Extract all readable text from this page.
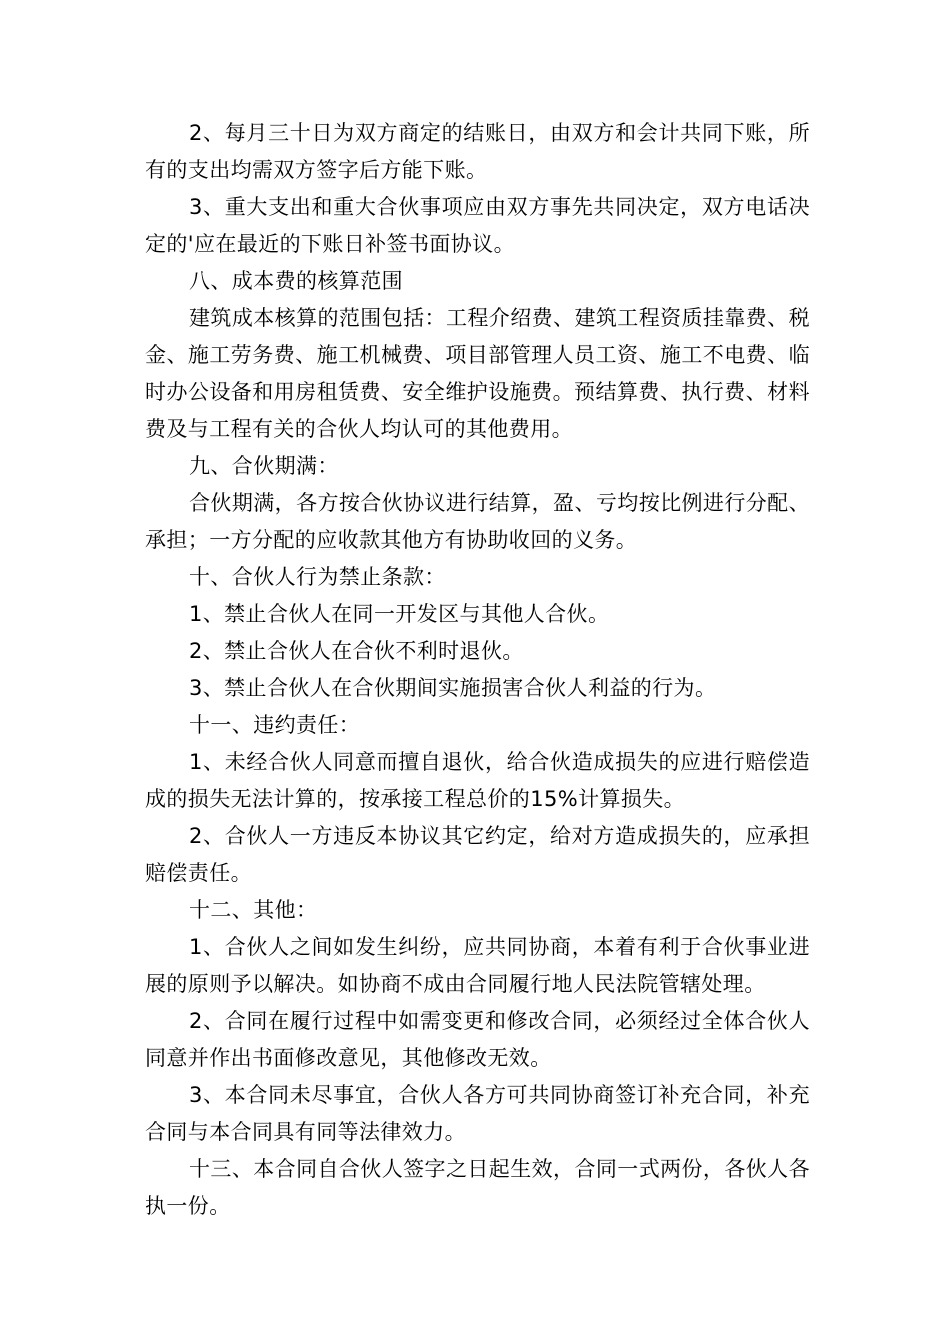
2、每月三十日为双方商定的结账日，由双方和会计共同下账，所有的支出均需双方签字后方能下账。

3、重大支出和重大合伙事项应由双方事先共同决定，双方电话决定的'应在最近的下账日补签书面协议。

八、成本费的核算范围

建筑成本核算的范围包括：工程介绍费、建筑工程资质挂靠费、税金、施工劳务费、施工机械费、项目部管理人员工资、施工不电费、临时办公设备和用房租赁费、安全维护设施费。预结算费、执行费、材料费及与工程有关的合伙人均认可的其他费用。

九、合伙期满：

合伙期满，各方按合伙协议进行结算，盈、亏均按比例进行分配、承担；一方分配的应收款其他方有协助收回的义务。

十、合伙人行为禁止条款：

1、禁止合伙人在同一开发区与其他人合伙。

2、禁止合伙人在合伙不利时退伙。

3、禁止合伙人在合伙期间实施损害合伙人利益的行为。

十一、违约责任：

1、未经合伙人同意而擅自退伙，给合伙造成损失的应进行赔偿造成的损失无法计算的，按承接工程总价的15%计算损失。

2、合伙人一方违反本协议其它约定，给对方造成损失的，应承担赔偿责任。

十二、其他：

1、合伙人之间如发生纠纷，应共同协商，本着有利于合伙事业进展的原则予以解决。如协商不成由合同履行地人民法院管辖处理。

2、合同在履行过程中如需变更和修改合同，必须经过全体合伙人同意并作出书面修改意见，其他修改无效。

3、本合同未尽事宜，合伙人各方可共同协商签订补充合同，补充合同与本合同具有同等法律效力。

十三、本合同自合伙人签字之日起生效，合同一式两份，各伙人各执一份。
